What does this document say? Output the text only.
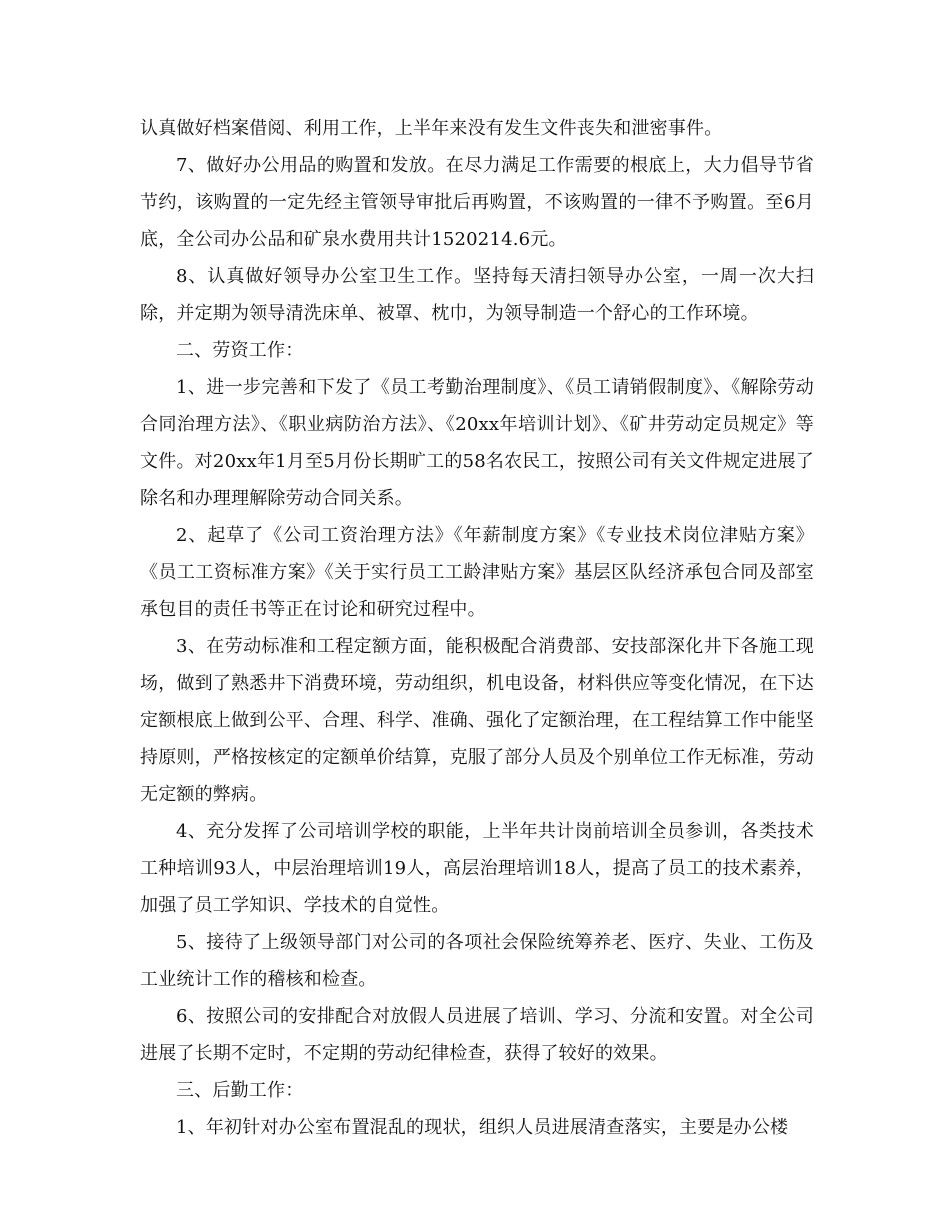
认真做好档案借阅、利用工作，上半年来没有发生文件丧失和泄密事件。

7、做好办公用品的购置和发放。在尽力满足工作需要的根底上，大力倡导节省节约，该购置的一定先经主管领导审批后再购置，不该购置的一律不予购置。至6月底，全公司办公品和矿泉水费用共计1520214.6元。

8、认真做好领导办公室卫生工作。坚持每天清扫领导办公室，一周一次大扫除，并定期为领导清洗床单、被罩、枕巾，为领导制造一个舒心的工作环境。

二、劳资工作：

1、进一步完善和下发了《员工考勤治理制度》、《员工请销假制度》、《解除劳动合同治理方法》、《职业病防治方法》、《20xx年培训计划》、《矿井劳动定员规定》等文件。对20xx年1月至5月份长期旷工的58名农民工，按照公司有关文件规定进展了除名和办理理解除劳动合同关系。

2、起草了《公司工资治理方法》《年薪制度方案》《专业技术岗位津贴方案》《员工工资标准方案》《关于实行员工工龄津贴方案》基层区队经济承包合同及部室承包目的责任书等正在讨论和研究过程中。

3、在劳动标准和工程定额方面，能积极配合消费部、安技部深化井下各施工现场，做到了熟悉井下消费环境，劳动组织，机电设备，材料供应等变化情况，在下达定额根底上做到公平、合理、科学、准确、强化了定额治理，在工程结算工作中能坚持原则，严格按核定的定额单价结算，克服了部分人员及个别单位工作无标准，劳动无定额的弊病。

4、充分发挥了公司培训学校的职能，上半年共计岗前培训全员参训，各类技术工种培训93人，中层治理培训19人，高层治理培训18人，提高了员工的技术素养，加强了员工学知识、学技术的自觉性。

5、接待了上级领导部门对公司的各项社会保险统筹养老、医疗、失业、工伤及工业统计工作的稽核和检查。

6、按照公司的安排配合对放假人员进展了培训、学习、分流和安置。对全公司进展了长期不定时，不定期的劳动纪律检查，获得了较好的效果。

三、后勤工作：

1、年初针对办公室布置混乱的现状，组织人员进展清查落实，主要是办公楼
